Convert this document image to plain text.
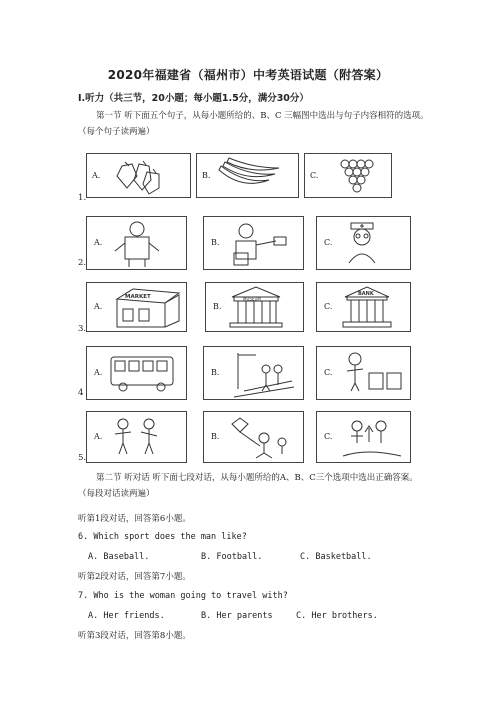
2020年福建省（福州市）中考英语试题（附答案）
Ⅰ.听力（共三节，20小题；每小题1.5分，满分30分）
第一节 听下面五个句子，从每小题所给的、B、C 三幅图中选出与句子内容相符的选项。（每个句子读两遍）
1.
A.	B.	C.
2.
A.	B.	C.
3.
A.
MARKET
B.
MUSEUM
C.
BANK
4
A.	B.	C.
5.
A.	B.	C.
第二节 听对话 听下面七段对话，从每小题所给的A、B、C三个选项中选出正确答案。（每段对话读两遍）
听第1段对话，回答第6小题。
6. Which sport does the man like?
A. Baseball.	B. Football.	C. Basketball.
听第2段对话，回答第7小题。
7. Who is the woman going to travel with?
A. Her friends.	B. Her parents	C. Her brothers.
听第3段对话，回答第8小题。
